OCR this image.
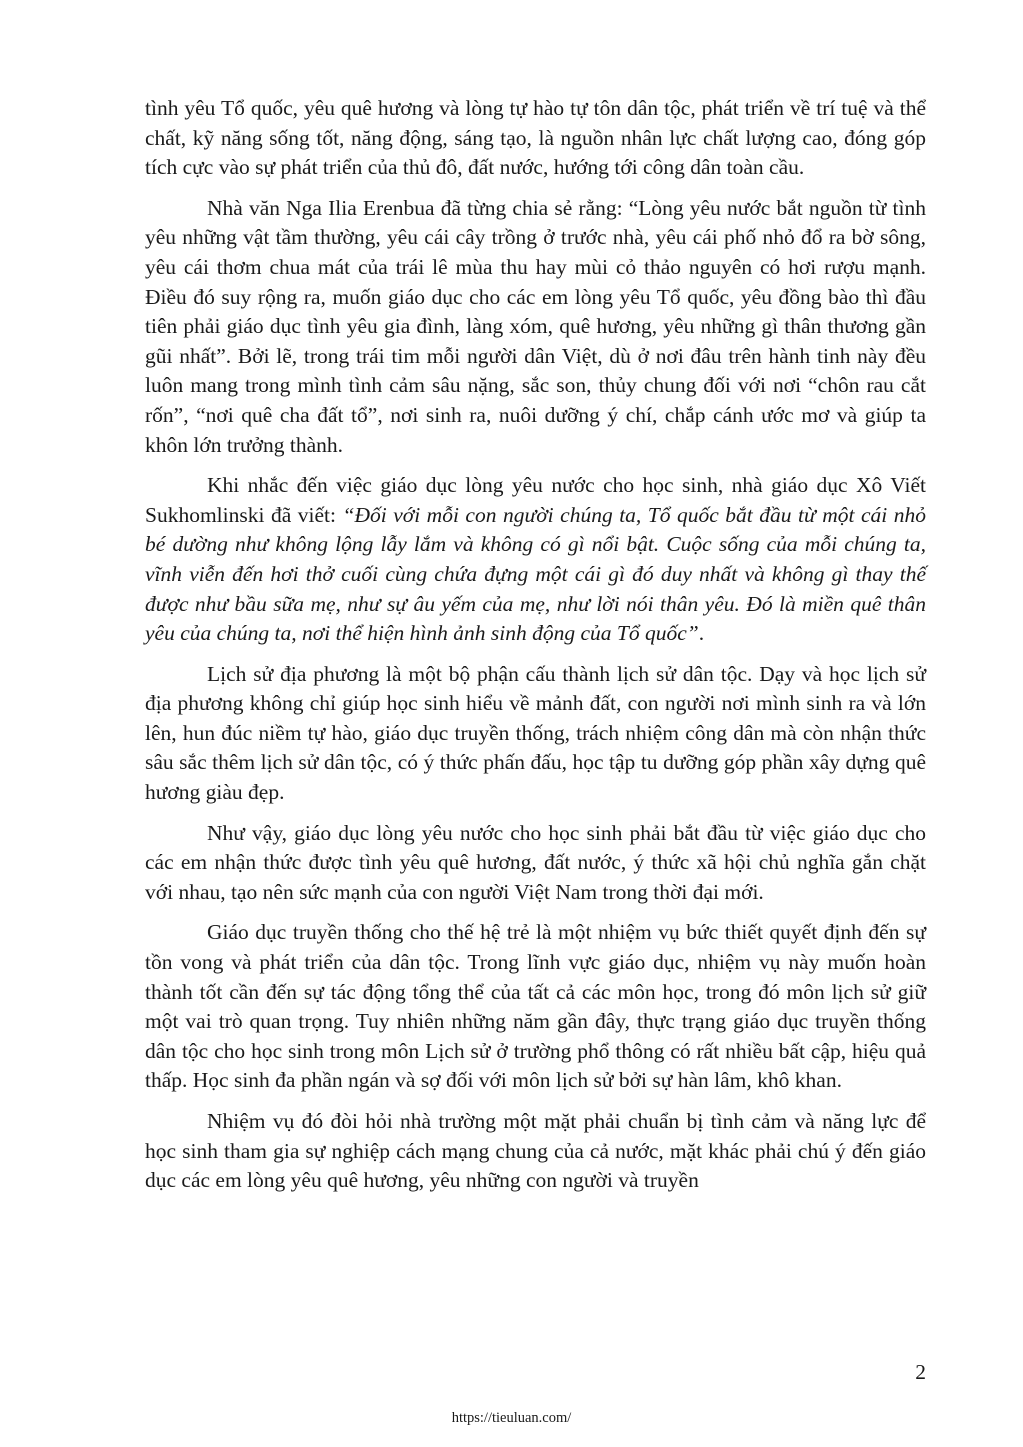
tình yêu Tổ quốc, yêu quê hương và lòng tự hào tự tôn dân tộc, phát triển về trí tuệ và thể chất, kỹ năng sống tốt, năng động, sáng tạo, là nguồn nhân lực chất lượng cao, đóng góp tích cực vào sự phát triển của thủ đô, đất nước, hướng tới công dân toàn cầu.

Nhà văn Nga Ilia Erenbua đã từng chia sẻ rằng: “Lòng yêu nước bắt nguồn từ tình yêu những vật tầm thường, yêu cái cây trồng ở trước nhà, yêu cái phố nhỏ đổ ra bờ sông, yêu cái thơm chua mát của trái lê mùa thu hay mùi cỏ thảo nguyên có hơi rượu mạnh. Điều đó suy rộng ra, muốn giáo dục cho các em lòng yêu Tổ quốc, yêu đồng bào thì đầu tiên phải giáo dục tình yêu gia đình, làng xóm, quê hương, yêu những gì thân thương gần gũi nhất”. Bởi lẽ, trong trái tim mỗi người dân Việt, dù ở nơi đâu trên hành tinh này đều luôn mang trong mình tình cảm sâu nặng, sắc son, thủy chung đối với nơi “chôn rau cắt rốn”, “nơi quê cha đất tổ”, nơi sinh ra, nuôi dưỡng ý chí, chắp cánh ước mơ và giúp ta khôn lớn trưởng thành.

Khi nhắc đến việc giáo dục lòng yêu nước cho học sinh, nhà giáo dục Xô Viết Sukhomlinski đã viết: “Đối với mỗi con người chúng ta, Tổ quốc bắt đầu từ một cái nhỏ bé dường như không lộng lẫy lắm và không có gì nổi bật. Cuộc sống của mỗi chúng ta, vĩnh viễn đến hơi thở cuối cùng chứa đựng một cái gì đó duy nhất và không gì thay thế được như bầu sữa mẹ, như sự âu yếm của mẹ, như lời nói thân yêu. Đó là miền quê thân yêu của chúng ta, nơi thể hiện hình ảnh sinh động của Tổ quốc”.

Lịch sử địa phương là một bộ phận cấu thành lịch sử dân tộc. Dạy và học lịch sử địa phương không chỉ giúp học sinh hiểu về mảnh đất, con người nơi mình sinh ra và lớn lên, hun đúc niềm tự hào, giáo dục truyền thống, trách nhiệm công dân mà còn nhận thức sâu sắc thêm lịch sử dân tộc, có ý thức phấn đấu, học tập tu dưỡng góp phần xây dựng quê hương giàu đẹp.

Như vậy, giáo dục lòng yêu nước cho học sinh phải bắt đầu từ việc giáo dục cho các em nhận thức được tình yêu quê hương, đất nước, ý thức xã hội chủ nghĩa gắn chặt với nhau, tạo nên sức mạnh của con người Việt Nam trong thời đại mới.

Giáo dục truyền thống cho thế hệ trẻ là một nhiệm vụ bức thiết quyết định đến sự tồn vong và phát triển của dân tộc. Trong lĩnh vực giáo dục, nhiệm vụ này muốn hoàn thành tốt cần đến sự tác động tổng thể của tất cả các môn học, trong đó môn lịch sử giữ một vai trò quan trọng. Tuy nhiên những năm gần đây, thực trạng giáo dục truyền thống dân tộc cho học sinh trong môn Lịch sử ở trường phổ thông có rất nhiều bất cập, hiệu quả thấp. Học sinh đa phần ngán và sợ đối với môn lịch sử bởi sự hàn lâm, khô khan.

Nhiệm vụ đó đòi hỏi nhà trường một mặt phải chuẩn bị tình cảm và năng lực để học sinh tham gia sự nghiệp cách mạng chung của cả nước, mặt khác phải chú ý đến giáo dục các em lòng yêu quê hương, yêu những con người và truyền

2
https://tieuluan.com/
